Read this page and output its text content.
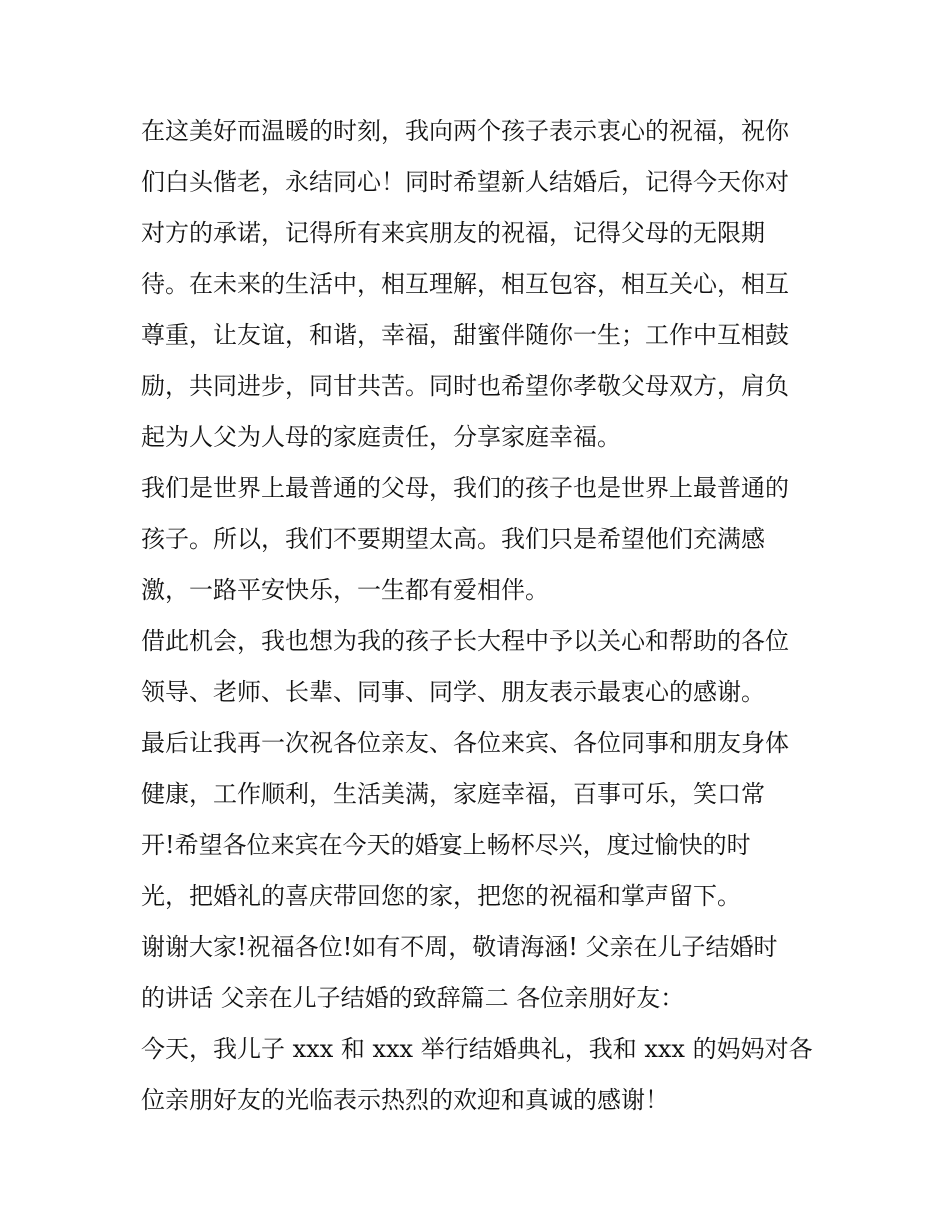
在这美好而温暖的时刻，我向两个孩子表示衷心的祝福，祝你
们白头偕老，永结同心！同时希望新人结婚后，记得今天你对
对方的承诺，记得所有来宾朋友的祝福，记得父母的无限期
待。在未来的生活中，相互理解，相互包容，相互关心，相互
尊重，让友谊，和谐，幸福，甜蜜伴随你一生；工作中互相鼓
励，共同进步，同甘共苦。同时也希望你孝敬父母双方，肩负
起为人父为人母的家庭责任，分享家庭幸福。
我们是世界上最普通的父母，我们的孩子也是世界上最普通的
孩子。所以，我们不要期望太高。我们只是希望他们充满感
激，一路平安快乐，一生都有爱相伴。
借此机会，我也想为我的孩子长大程中予以关心和帮助的各位
领导、老师、长辈、同事、同学、朋友表示最衷心的感谢。
最后让我再一次祝各位亲友、各位来宾、各位同事和朋友身体
健康，工作顺利，生活美满，家庭幸福，百事可乐，笑口常
开!希望各位来宾在今天的婚宴上畅杯尽兴，度过愉快的时
光，把婚礼的喜庆带回您的家，把您的祝福和掌声留下。
谢谢大家!祝福各位!如有不周，敬请海涵! 父亲在儿子结婚时
的讲话 父亲在儿子结婚的致辞篇二 各位亲朋好友：
今天，我儿子 xxx 和 xxx 举行结婚典礼，我和 xxx 的妈妈对各
位亲朋好友的光临表示热烈的欢迎和真诚的感谢！
